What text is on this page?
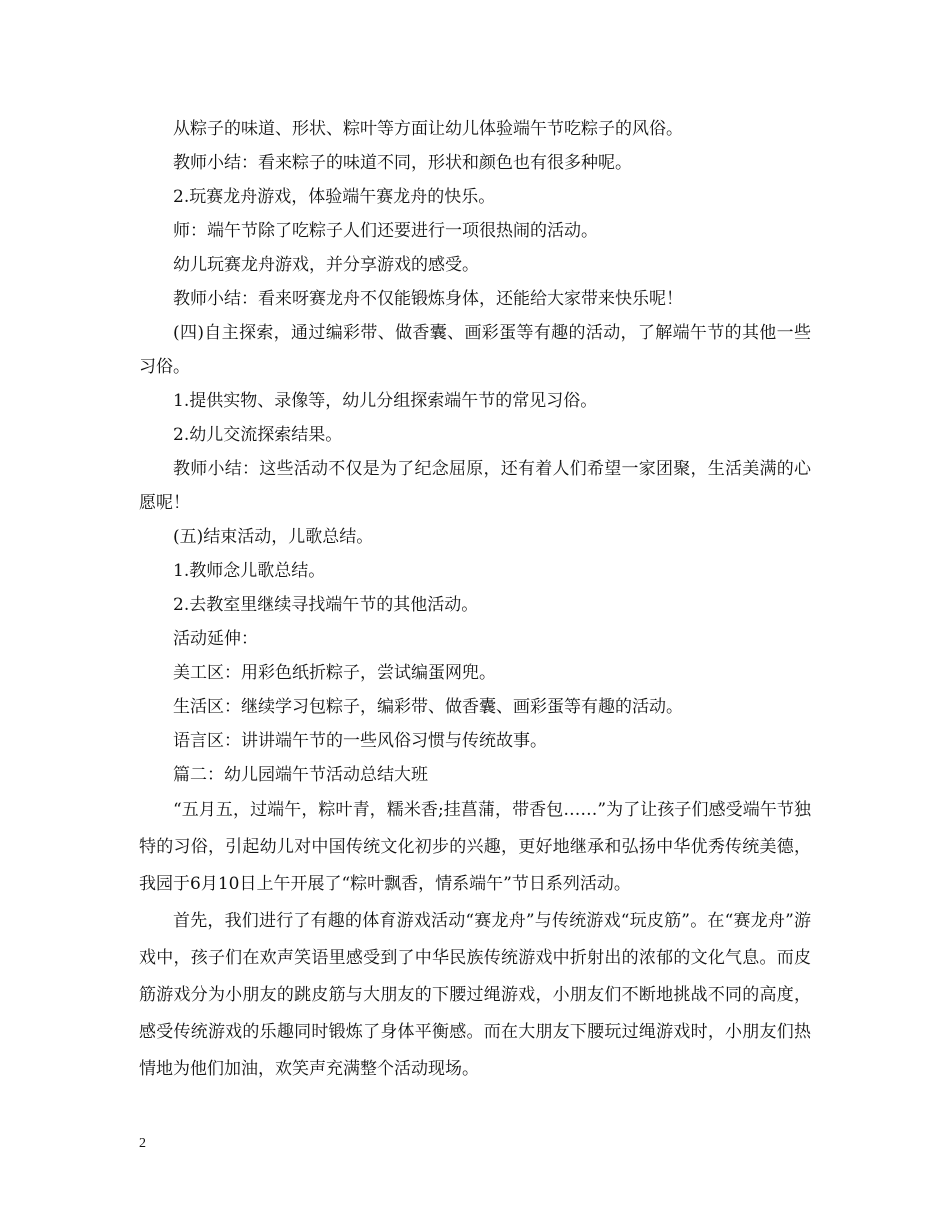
从粽子的味道、形状、粽叶等方面让幼儿体验端午节吃粽子的风俗。

教师小结：看来粽子的味道不同，形状和颜色也有很多种呢。

2.玩赛龙舟游戏，体验端午赛龙舟的快乐。

师：端午节除了吃粽子人们还要进行一项很热闹的活动。

幼儿玩赛龙舟游戏，并分享游戏的感受。

教师小结：看来呀赛龙舟不仅能锻炼身体，还能给大家带来快乐呢！

(四)自主探索，通过编彩带、做香囊、画彩蛋等有趣的活动，了解端午节的其他一些习俗。

1.提供实物、录像等，幼儿分组探索端午节的常见习俗。

2.幼儿交流探索结果。

教师小结：这些活动不仅是为了纪念屈原，还有着人们希望一家团聚，生活美满的心愿呢！

(五)结束活动，儿歌总结。

1.教师念儿歌总结。

2.去教室里继续寻找端午节的其他活动。

活动延伸：

美工区：用彩色纸折粽子，尝试编蛋网兜。

生活区：继续学习包粽子，编彩带、做香囊、画彩蛋等有趣的活动。

语言区：讲讲端午节的一些风俗习惯与传统故事。

篇二：幼儿园端午节活动总结大班

“五月五，过端午，粽叶青，糯米香;挂菖蒲，带香包……”为了让孩子们感受端午节独特的习俗，引起幼儿对中国传统文化初步的兴趣，更好地继承和弘扬中华优秀传统美德，我园于6月10日上午开展了“粽叶飘香，情系端午”节日系列活动。

首先，我们进行了有趣的体育游戏活动“赛龙舟”与传统游戏“玩皮筋”。在“赛龙舟”游戏中，孩子们在欢声笑语里感受到了中华民族传统游戏中折射出的浓郁的文化气息。而皮筋游戏分为小朋友的跳皮筋与大朋友的下腰过绳游戏，小朋友们不断地挑战不同的高度，感受传统游戏的乐趣同时锻炼了身体平衡感。而在大朋友下腰玩过绳游戏时，小朋友们热情地为他们加油，欢笑声充满整个活动现场。

2
